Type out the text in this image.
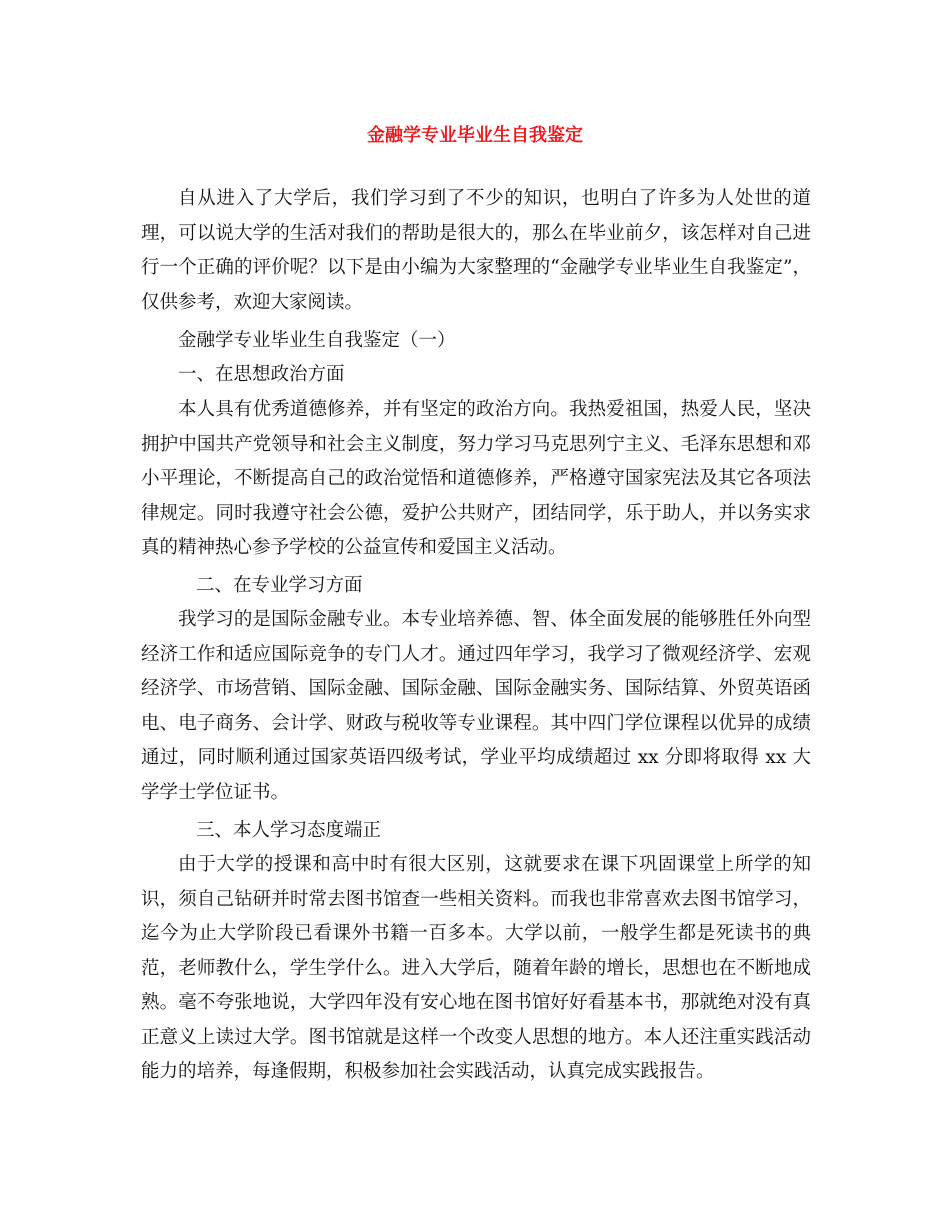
金融学专业毕业生自我鉴定

自从进入了大学后，我们学习到了不少的知识，也明白了许多为人处世的道理，可以说大学的生活对我们的帮助是很大的，那么在毕业前夕，该怎样对自己进行一个正确的评价呢？以下是由小编为大家整理的“金融学专业毕业生自我鉴定”，仅供参考，欢迎大家阅读。

金融学专业毕业生自我鉴定（一）
一、在思想政治方面

本人具有优秀道德修养，并有坚定的政治方向。我热爱祖国，热爱人民，坚决拥护中国共产党领导和社会主义制度，努力学习马克思列宁主义、毛泽东思想和邓小平理论，不断提高自己的政治觉悟和道德修养，严格遵守国家宪法及其它各项法律规定。同时我遵守社会公德，爱护公共财产，团结同学，乐于助人，并以务实求真的精神热心参予学校的公益宣传和爱国主义活动。

二、在专业学习方面

我学习的是国际金融专业。本专业培养德、智、体全面发展的能够胜任外向型经济工作和适应国际竞争的专门人才。通过四年学习，我学习了微观经济学、宏观经济学、市场营销、国际金融、国际金融、国际金融实务、国际结算、外贸英语函电、电子商务、会计学、财政与税收等专业课程。其中四门学位课程以优异的成绩通过，同时顺利通过国家英语四级考试，学业平均成绩超过 xx 分即将取得 xx 大学学士学位证书。

三、本人学习态度端正

由于大学的授课和高中时有很大区别，这就要求在课下巩固课堂上所学的知识，须自己钻研并时常去图书馆查一些相关资料。而我也非常喜欢去图书馆学习，迄今为止大学阶段已看课外书籍一百多本。大学以前，一般学生都是死读书的典范，老师教什么，学生学什么。进入大学后，随着年龄的增长，思想也在不断地成熟。毫不夸张地说，大学四年没有安心地在图书馆好好看基本书，那就绝对没有真正意义上读过大学。图书馆就是这样一个改变人思想的地方。本人还注重实践活动能力的培养，每逢假期，积极参加社会实践活动，认真完成实践报告。
